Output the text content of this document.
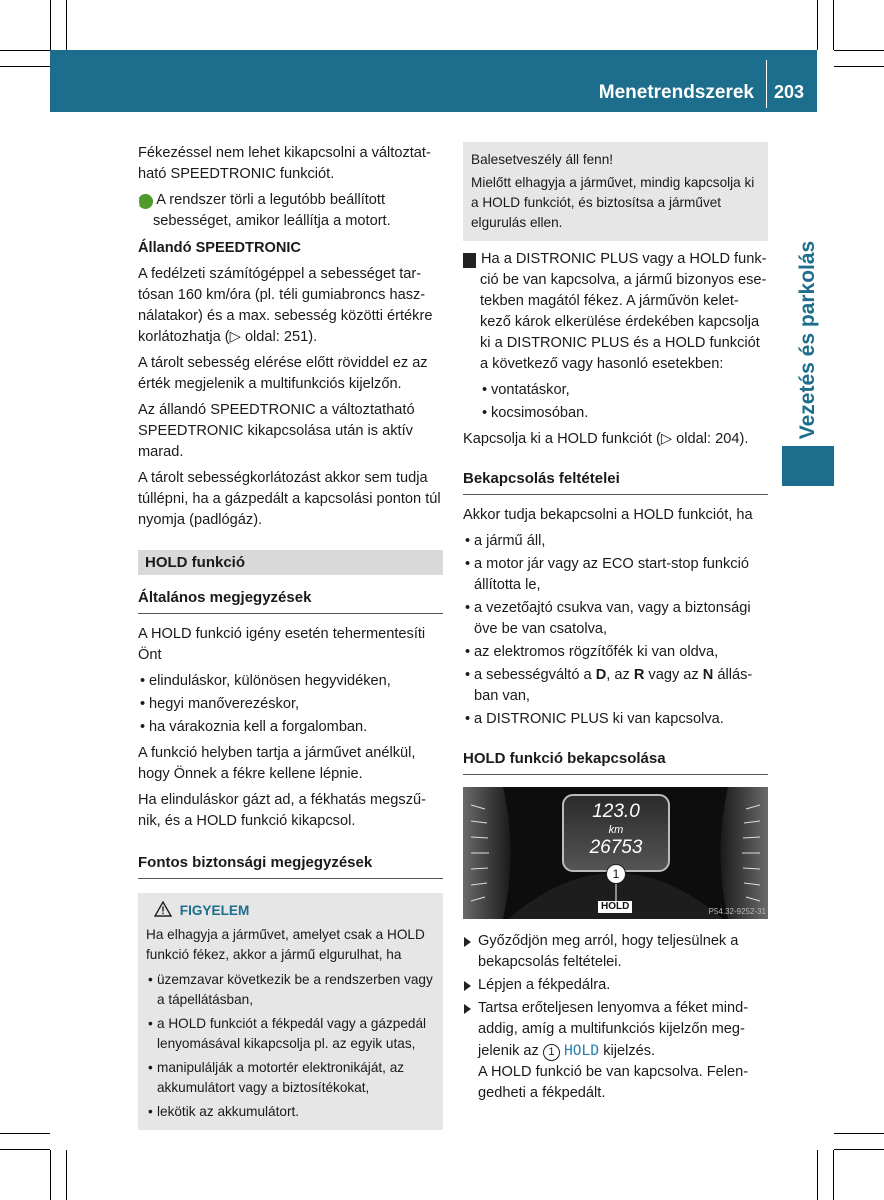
Menetrendszerek 203
Vezetés és parkolás

Fékezéssel nem lehet kikapcsolni a változtat-ható SPEEDTRONIC funkciót.

i A rendszer törli a legutóbb beállított sebességet, amikor leállítja a motort.

Állandó SPEEDTRONIC

A fedélzeti számítógéppel a sebességet tar-tósan 160 km/óra (pl. téli gumiabroncs hasz-nálatakor) és a max. sebesség közötti értékre korlátozhatja (▷ oldal: 251).

A tárolt sebesség elérése előtt röviddel ez az érték megjelenik a multifunkciós kijelzőn.

Az állandó SPEEDTRONIC a változtatható SPEEDTRONIC kikapcsolása után is aktív marad.

A tárolt sebességkorlátozást akkor sem tudja túllépni, ha a gázpedált a kapcsolási ponton túl nyomja (padlógáz).

HOLD funkció
Általános megjegyzések

A HOLD funkció igény esetén tehermentesíti Önt

• elinduláskor, különösen hegyvidéken,
• hegyi manőverezéskor,
• ha várakoznia kell a forgalomban.

A funkció helyben tartja a járművet anélkül, hogy Önnek a fékre kellene lépnie.

Ha elinduláskor gázt ad, a fékhatás megszű-nik, és a HOLD funkció kikapcsol.

Fontos biztonsági megjegyzések
FIGYELEM
Ha elhagyja a járművet, amelyet csak a HOLD funkció fékez, akkor a jármű elgurulhat, ha
• üzemzavar következik be a rendszerben vagy a tápellátásban,
• a HOLD funkciót a fékpedál vagy a gázpedál lenyomásával kikapcsolja pl. az egyik utas,
• manipulálják a motortér elektronikáját, az akkumulátort vagy a biztosítékokat,
• lekötik az akkumulátort.
Balesetveszély áll fenn!
Mielőtt elhagyja a járművet, mindig kapcsolja ki a HOLD funkciót, és biztosítsa a járművet elgurulás ellen.

! Ha a DISTRONIC PLUS vagy a HOLD funk-ció be van kapcsolva, a jármű bizonyos ese-tekben magától fékez. A járművön kelet-kező károk elkerülése érdekében kapcsolja ki a DISTRONIC PLUS és a HOLD funkciót a következő vagy hasonló esetekben:

• vontatáskor,
• kocsimosóban.

Kapcsolja ki a HOLD funkciót (▷ oldal: 204).

Bekapcsolás feltételei

Akkor tudja bekapcsolni a HOLD funkciót, ha

• a jármű áll,
• a motor jár vagy az ECO start-stop funkció állította le,
• a vezetőajtó csukva van, vagy a biztonsági öve be van csatolva,
• az elektromos rögzítőfék ki van oldva,
• a sebességváltó a D, az R vagy az N állás-ban van,
• a DISTRONIC PLUS ki van kapcsolva.
HOLD funkció bekapcsolása
123.0
km
26753
1
HOLD	P54.32-9252-31
Győződjön meg arról, hogy teljesülnek a bekapcsolás feltételei.
Lépjen a fékpedálra.
Tartsa erőteljesen lenyomva a féket mind-addig, amíg a multifunkciós kijelzőn meg-jelenik az 1 HOLD kijelzés.
A HOLD funkció be van kapcsolva. Felen-gedheti a fékpedált.
